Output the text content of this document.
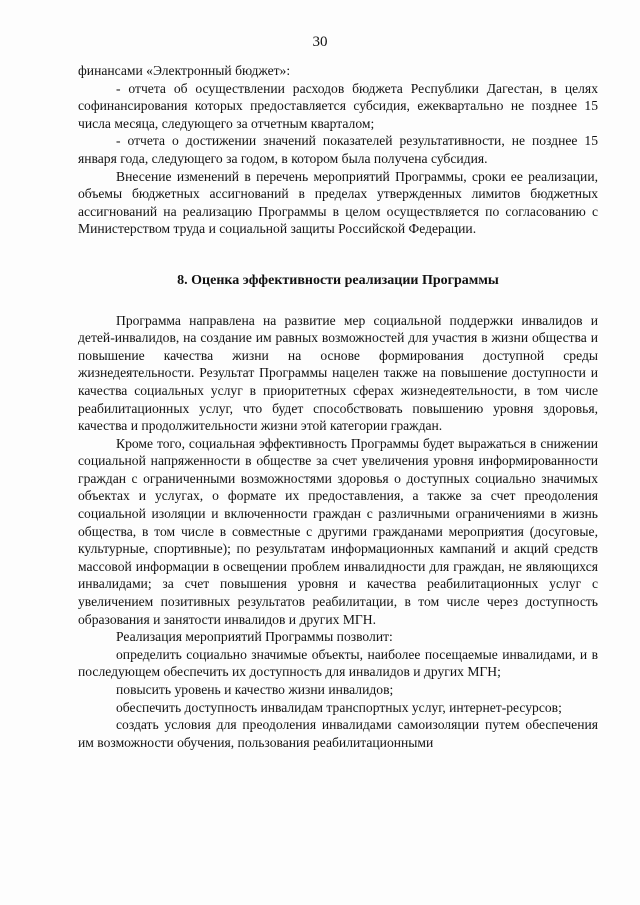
30

финансами «Электронный бюджет»:

- отчета об осуществлении расходов бюджета Республики Дагестан, в целях софинансирования которых предоставляется субсидия, ежеквартально не позднее 15 числа месяца, следующего за отчетным кварталом;

- отчета о достижении значений показателей результативности, не позднее 15 января года, следующего за годом, в котором была получена субсидия.

Внесение изменений в перечень мероприятий Программы, сроки ее реализации, объемы бюджетных ассигнований в пределах утвержденных лимитов бюджетных ассигнований на реализацию Программы в целом осуществляется по согласованию с Министерством труда и социальной защиты Российской Федерации.

8. Оценка эффективности реализации Программы

Программа направлена на развитие мер социальной поддержки инвалидов и детей-инвалидов, на создание им равных возможностей для участия в жизни общества и повышение качества жизни на основе формирования доступной среды жизнедеятельности. Результат Программы нацелен также на повышение доступности и качества социальных услуг в приоритетных сферах жизнедеятельности, в том числе реабилитационных услуг, что будет способствовать повышению уровня здоровья, качества и продолжительности жизни этой категории граждан.

Кроме того, социальная эффективность Программы будет выражаться в снижении социальной напряженности в обществе за счет увеличения уровня информированности граждан с ограниченными возможностями здоровья о доступных социально значимых объектах и услугах, о формате их предоставления, а также за счет преодоления социальной изоляции и включенности граждан с различными ограничениями в жизнь общества, в том числе в совместные с другими гражданами мероприятия (досуговые, культурные, спортивные); по результатам информационных кампаний и акций средств массовой информации в освещении проблем инвалидности для граждан, не являющихся инвалидами; за счет повышения уровня и качества реабилитационных услуг с увеличением позитивных результатов реабилитации, в том числе через доступность образования и занятости инвалидов и других МГН.

Реализация мероприятий Программы позволит:

определить социально значимые объекты, наиболее посещаемые инвалидами, и в последующем обеспечить их доступность для инвалидов и других МГН;

повысить уровень и качество жизни инвалидов;

обеспечить доступность инвалидам транспортных услуг, интернет-ресурсов;

создать условия для преодоления инвалидами самоизоляции путем обеспечения им возможности обучения, пользования реабилитационными
